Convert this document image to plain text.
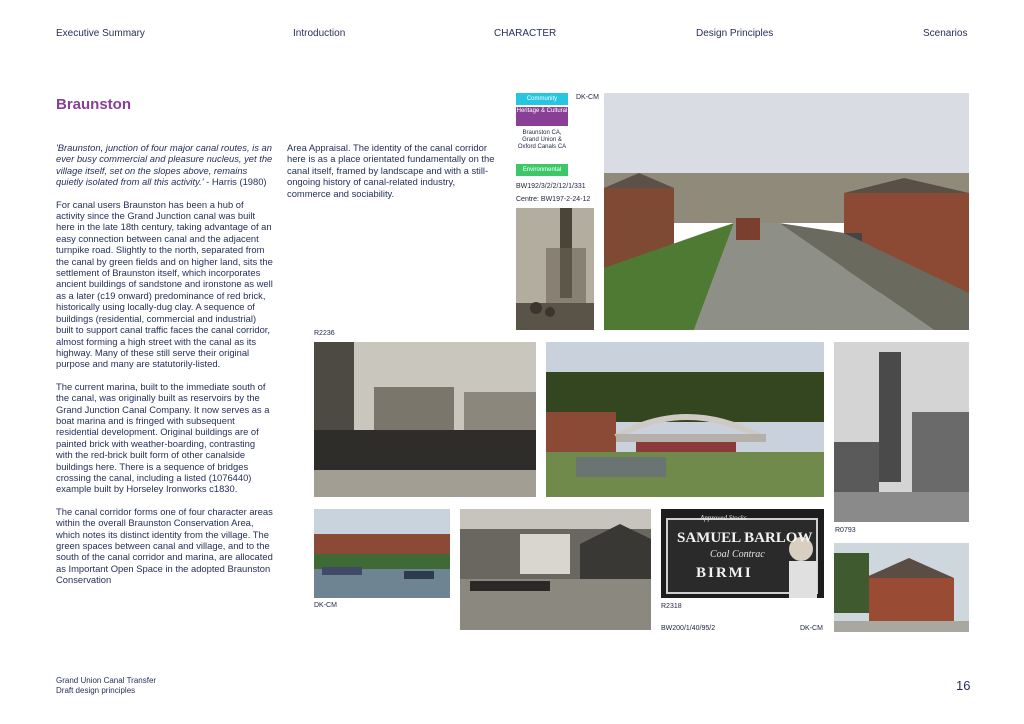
Executive Summary	Introduction	CHARACTER	Design Principles	Scenarios
Braunston

'Braunston, junction of four major canal routes, is an ever busy commercial and pleasure nucleus, yet the village itself, set on the slopes above, remains quietly isolated from all this activity.' - Harris (1980)

For canal users Braunston has been a hub of activity since the Grand Junction canal was built here in the late 18th century, taking advantage of an easy connection between canal and the adjacent turnpike road. Slightly to the north, separated from the canal by green fields and on higher land, sits the settlement of Braunston itself, which incorporates ancient buildings of sandstone and ironstone as well as a later (c19 onward) predominance of red brick, historically using locally-dug clay. A sequence of buildings (residential, commercial and industrial) built to support canal traffic faces the canal corridor, almost forming a high street with the canal as its highway. Many of these still serve their original purpose and many are statutorily-listed.

The current marina, built to the immediate south of the canal, was originally built as reservoirs by the Grand Junction Canal Company. It now serves as a boat marina and is fringed with subsequent residential development. Original buildings are of painted brick with weather-boarding, contrasting with the red-brick built form of other canalside buildings here. There is a sequence of bridges crossing the canal, including a listed (1076440) example built by Horseley Ironworks c1830.

The canal corridor forms one of four character areas within the overall Braunston Conservation Area, which notes its distinct identity from the village. The green spaces between canal and village, and to the south of the canal corridor and marina, are allocated as Important Open Space in the adopted Braunston Conservation

Area Appraisal. The identity of the canal corridor here is as a place orientated fundamentally on the canal itself, framed by landscape and with a still-ongoing history of canal-related industry, commerce and sociability.

Community
Heritage & Cultural
Braunston CA, Grand Union & Oxford Canals CA
Environmental
DK-CM
BW192/3/2/2/12/1/331
Centre: BW197-2-24-12
R2236
R0793
DK-CM
Approved Stocks
SAMUEL BARLOW
Coal Contrac
BIRMI
R2318
BW200/1/40/95/2	DK-CM
Grand Union Canal Transfer
Draft design principles	16
